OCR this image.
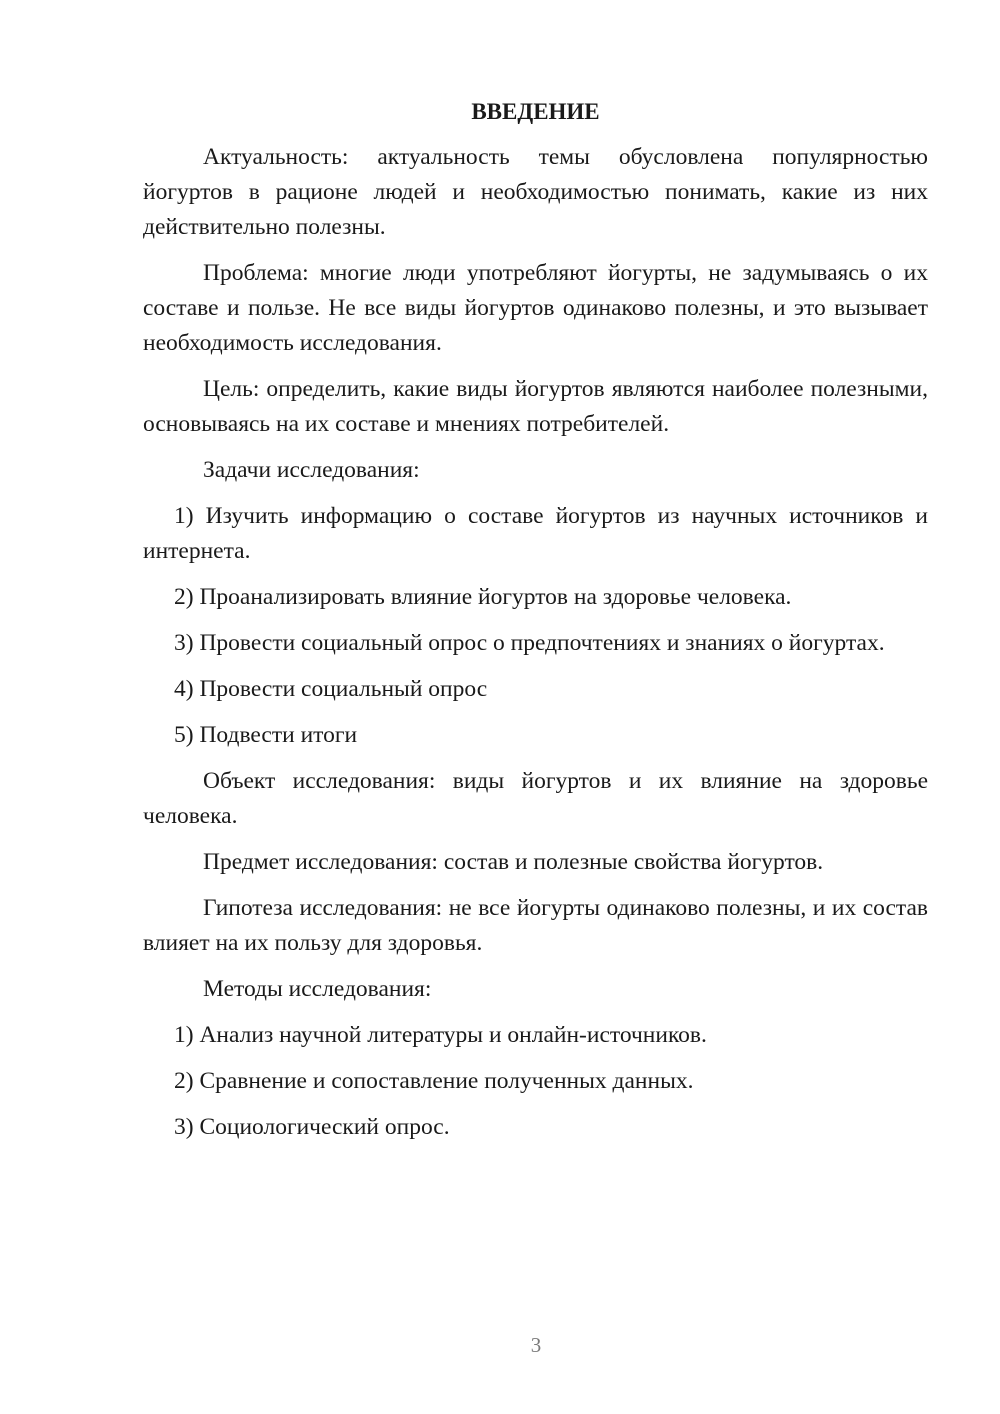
ВВЕДЕНИЕ

Актуальность: актуальность темы обусловлена популярностью йогуртов в рационе людей и необходимостью понимать, какие из них действительно полезны.

Проблема: многие люди употребляют йогурты, не задумываясь о их составе и пользе. Не все виды йогуртов одинаково полезны, и это вызывает необходимость исследования.

Цель: определить, какие виды йогуртов являются наиболее полезными, основываясь на их составе и мнениях потребителей.

Задачи исследования:

1) Изучить информацию о составе йогуртов из научных источников и интернета.

2) Проанализировать влияние йогуртов на здоровье человека.

3) Провести социальный опрос о предпочтениях и знаниях о йогуртах.

4) Провести социальный опрос

5) Подвести итоги

Объект исследования: виды йогуртов и их влияние на здоровье человека.

Предмет исследования: состав и полезные свойства йогуртов.

Гипотеза исследования: не все йогурты одинаково полезны, и их состав влияет на их пользу для здоровья.

Методы исследования:

1) Анализ научной литературы и онлайн-источников.

2) Сравнение и сопоставление полученных данных.

3) Социологический опрос.

3
